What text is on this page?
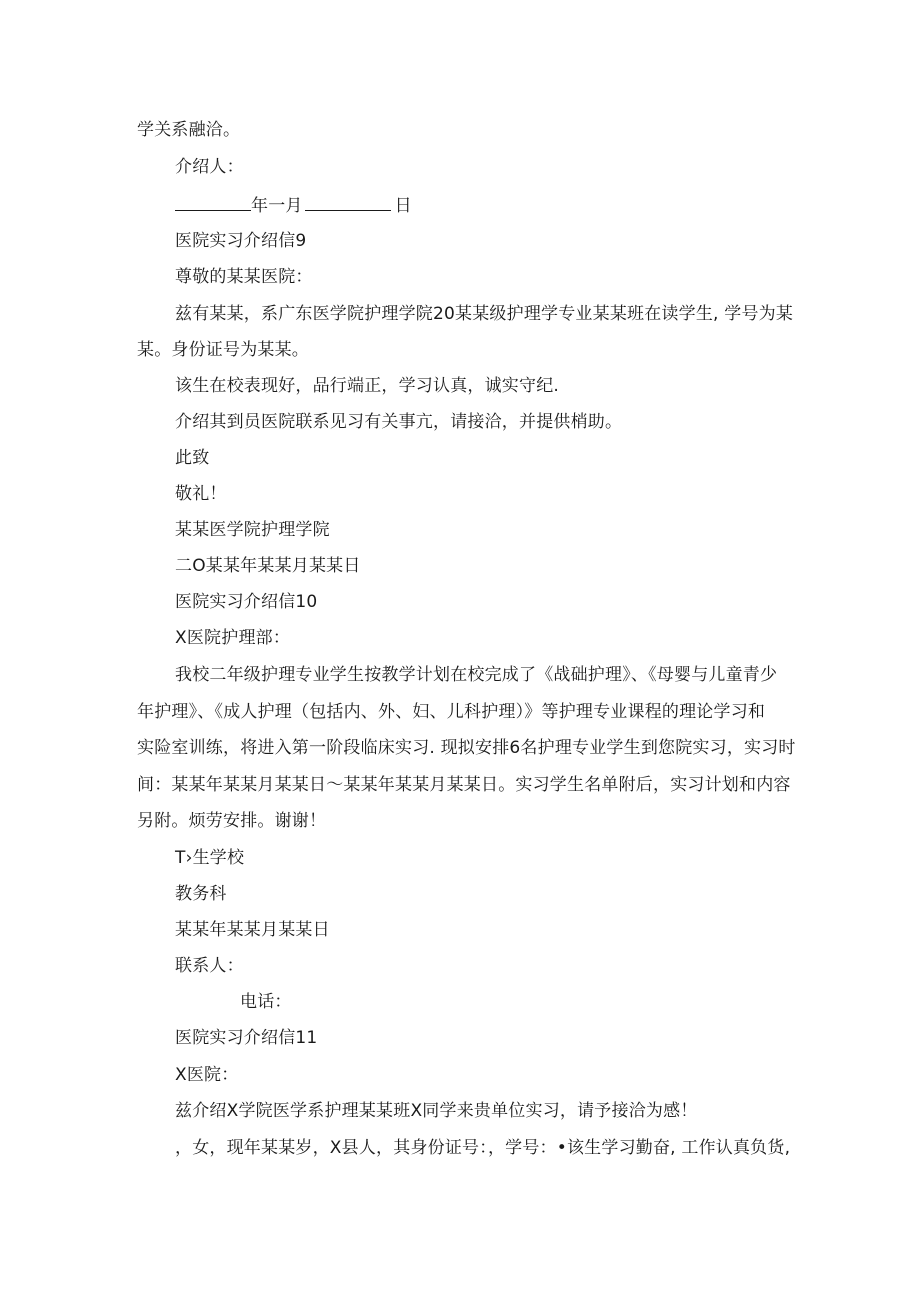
学关系融洽。
介绍人：
年一月	日
医院实习介绍信9
尊敬的某某医院：
兹有某某，系广东医学院护理学院20某某级护理学专业某某班在读学生, 学号为某
某。身份证号为某某。
该生在校表现好，品行端正，学习认真，诚实守纪.
介绍其到员医院联系见习有关事亢，请接洽，并提供梢助。
此致
敬礼！
某某医学院护理学院
二O某某年某某月某某日
医院实习介绍信10
X医院护理部：
我校二年级护理专业学生按教学计划在校完成了《战础护理》、《母婴与儿童青少
年护理》、《成人护理（包括内、外、妇、儿科护理）》等护理专业课程的理论学习和
实险室训练，将进入第一阶段临床实习. 现拟安排6名护理专业学生到您院实习，实习时
间：某某年某某月某某日～某某年某某月某某日。实习学生名单附后，实习计划和内容
另附。烦劳安排。谢谢！
T›生学校
教务科
某某年某某月某某日
联系人：
电话：
医院实习介绍信11
X医院：
兹介绍X学院医学系护理某某班X同学来贵单位实习，请予接洽为感！
，女，现年某某岁，X县人，其身份证号：，学号：•该生学习勤奋, 工作认真负货,
